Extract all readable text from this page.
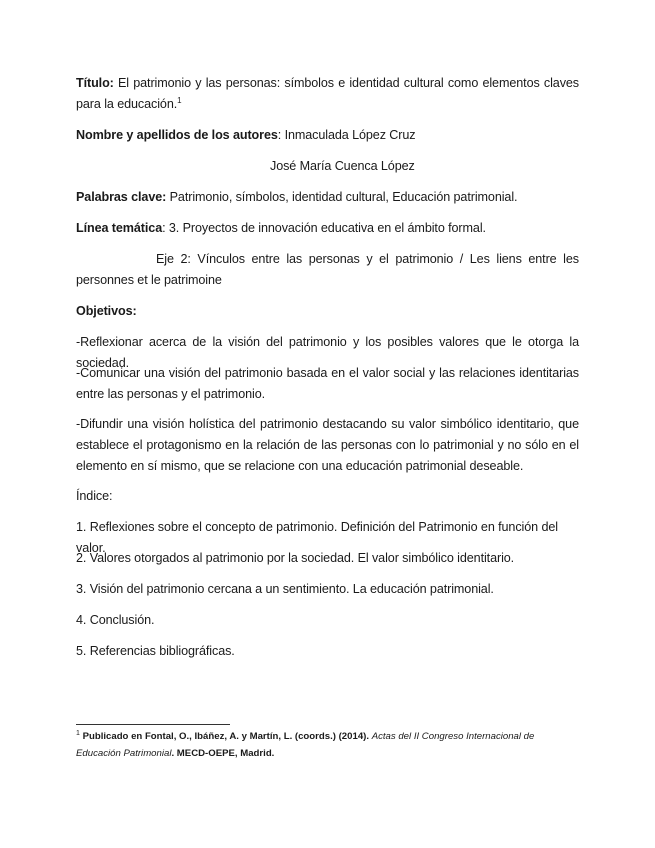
Título: El patrimonio y las personas: símbolos e identidad cultural como elementos claves para la educación.$^1$

Nombre y apellidos de los autores: Inmaculada López Cruz

José María Cuenca López

Palabras clave: Patrimonio, símbolos, identidad cultural, Educación patrimonial.

Línea temática: 3. Proyectos de innovación educativa en el ámbito formal.

Eje 2: Vínculos entre las personas y el patrimonio / Les liens entre les personnes et le patrimoine

Objetivos:

-Reflexionar acerca de la visión del patrimonio y los posibles valores que le otorga la sociedad.

-Comunicar una visión del patrimonio basada en el valor social y las relaciones identitarias entre las personas y el patrimonio.

-Difundir una visión holística del patrimonio destacando su valor simbólico identitario, que establece el protagonismo en la relación de las personas con lo patrimonial y no sólo en el elemento en sí mismo, que se relacione con una educación patrimonial deseable.

Índice:

1. Reflexiones sobre el concepto de patrimonio. Definición del Patrimonio en función del valor.

2. Valores otorgados al patrimonio por la sociedad. El valor simbólico identitario.

3. Visión del patrimonio cercana a un sentimiento. La educación patrimonial.

4. Conclusión.

5. Referencias bibliográficas.

$^1$ Publicado en Fontal, O., Ibáñez, A. y Martín, L. (coords.) (2014). Actas del II Congreso Internacional de Educación Patrimonial. MECD-OEPE, Madrid.
